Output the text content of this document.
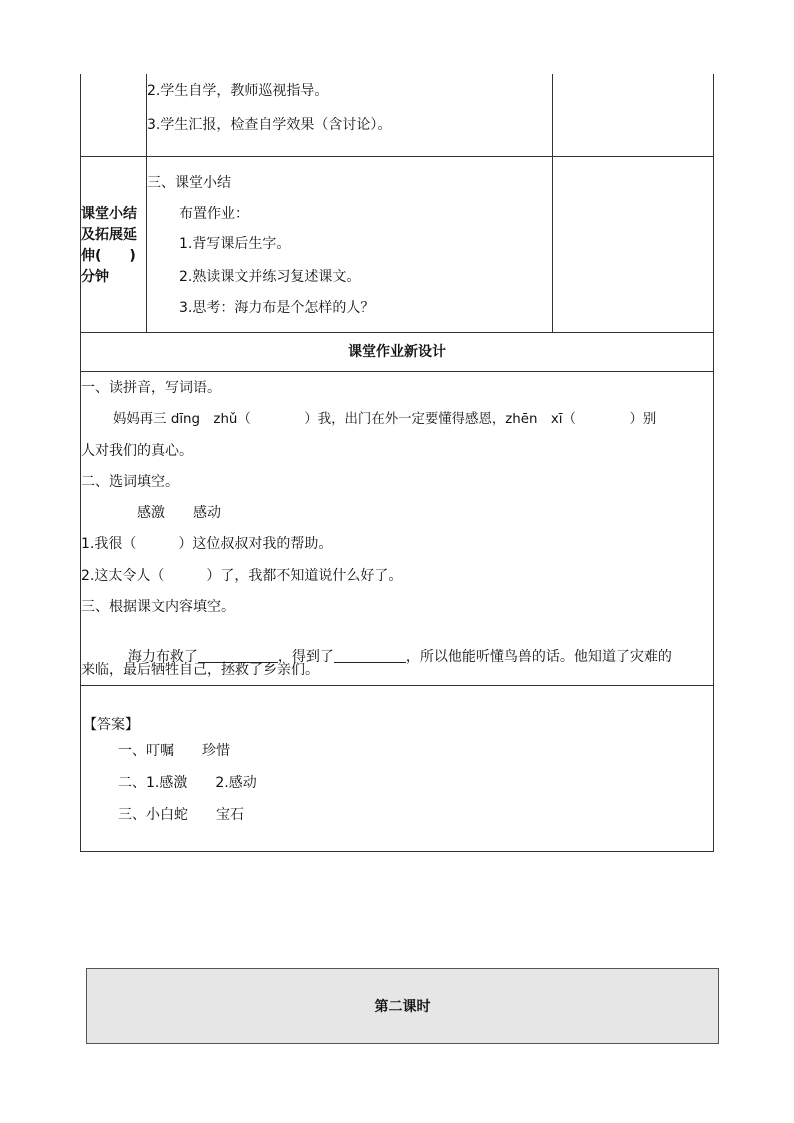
2.学生自学，教师巡视指导。
3.学生汇报，检查自学效果（含讨论）。
课堂小结
及拓展延
伸(　　)
分钟
三、课堂小结
布置作业：
1.背写课后生字。
2.熟读课文并练习复述课文。
3.思考：海力布是个怎样的人？
课堂作业新设计
一、读拼音，写词语。
妈妈再三 dīng　zhǔ（　　　　）我，出门在外一定要懂得感恩，zhēn　xī（　　　　）别
人对我们的真心。
二、选词填空。
感激　　感动
1.我很（　　　）这位叔叔对我的帮助。
2.这太令人（　　　）了，我都不知道说什么好了。
三、根据课文内容填空。

海力布救了	，得到了	，所以他能听懂鸟兽的话。他知道了灾难的

来临，最后牺牲自己，拯救了乡亲们。
【答案】
一、叮嘱　　珍惜
二、1.感激　　2.感动
三、小白蛇　　宝石
第二课时
